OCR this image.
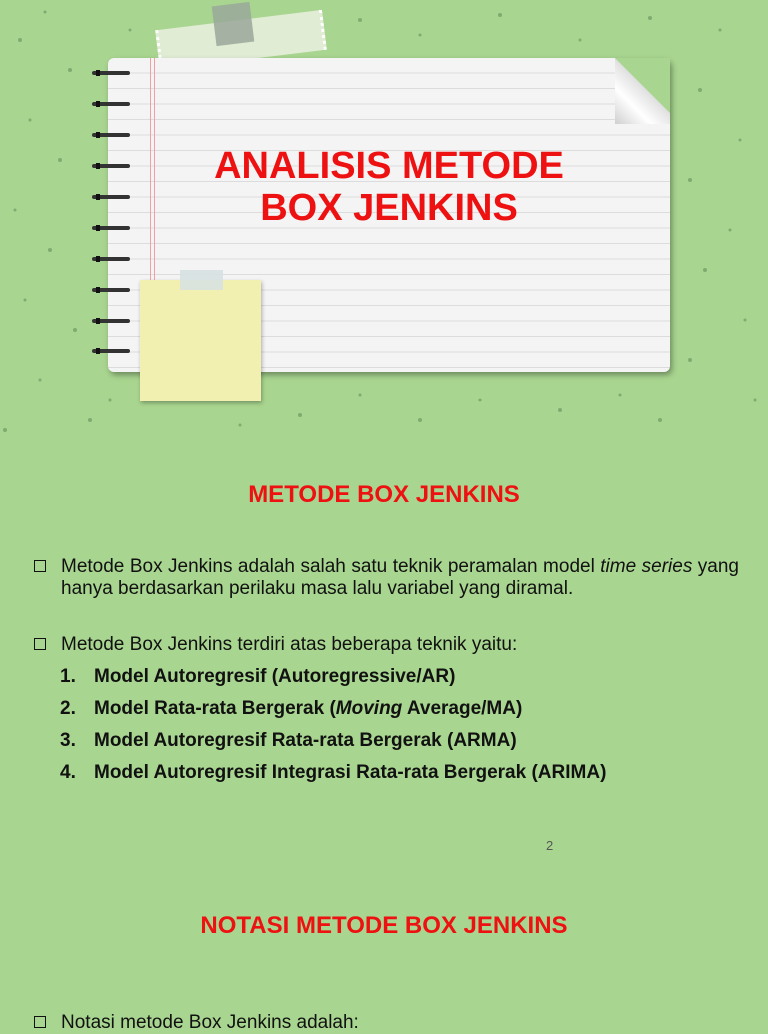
ANALISIS METODE
BOX JENKINS
METODE BOX JENKINS
Metode Box Jenkins adalah salah satu teknik peramalan model time series yang hanya berdasarkan perilaku masa lalu variabel yang diramal.
Metode Box Jenkins terdiri atas beberapa teknik yaitu:
1. Model Autoregresif (Autoregressive/AR)
2. Model Rata-rata Bergerak (Moving Average/MA)
3. Model Autoregresif Rata-rata Bergerak (ARMA)
4. Model Autoregresif Integrasi Rata-rata Bergerak (ARIMA)
2
NOTASI METODE BOX JENKINS
Notasi metode Box Jenkins adalah:
